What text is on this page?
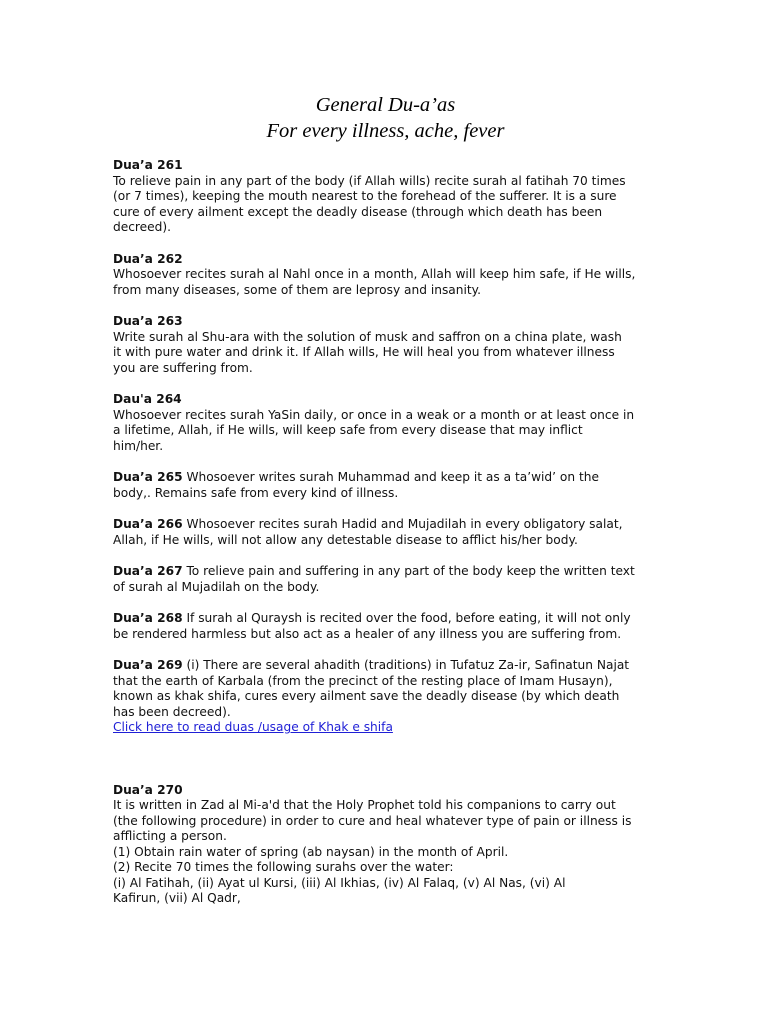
General Du-a’as
For every illness, ache, fever
Dua’a 261
To relieve pain in any part of the body (if Allah wills) recite surah al fatihah 70 times
(or 7 times), keeping the mouth nearest to the forehead of the sufferer. It is a sure
cure of every ailment except the deadly disease (through which death has been
decreed).
Dua’a 262
Whosoever recites surah al Nahl once in a month, Allah will keep him safe, if He wills,
from many diseases, some of them are leprosy and insanity.
Dua’a 263
Write surah al Shu-ara with the solution of musk and saffron on a china plate, wash
it with pure water and drink it. If Allah wills, He will heal you from whatever illness
you are suffering from.
Dau'a 264
Whosoever recites surah YaSin daily, or once in a weak or a month or at least once in
a lifetime, Allah, if He wills, will keep safe from every disease that may inflict
him/her.
Dua’a 265 Whosoever writes surah Muhammad and keep it as a ta’wid’ on the
body,. Remains safe from every kind of illness.
Dua’a 266 Whosoever recites surah Hadid and Mujadilah in every obligatory salat,
Allah, if He wills, will not allow any detestable disease to afflict his/her body.
Dua’a 267 To relieve pain and suffering in any part of the body keep the written text
of surah al Mujadilah on the body.
Dua’a 268 If surah al Quraysh is recited over the food, before eating, it will not only
be rendered harmless but also act as a healer of any illness you are suffering from.
Dua’a 269 (i) There are several ahadith (traditions) in Tufatuz Za-ir, Safinatun Najat
that the earth of Karbala (from the precinct of the resting place of Imam Husayn),
known as khak shifa, cures every ailment save the deadly disease (by which death
has been decreed).
Click here to read duas /usage of Khak e shifa
Dua’a 270
It is written in Zad al Mi-a'd that the Holy Prophet told his companions to carry out
(the following procedure) in order to cure and heal whatever type of pain or illness is
afflicting a person.
(1) Obtain rain water of spring (ab naysan) in the month of April.
(2) Recite 70 times the following surahs over the water:
(i) Al Fatihah, (ii) Ayat ul Kursi, (iii) Al Ikhias, (iv) Al Falaq, (v) Al Nas, (vi) Al
Kafirun, (vii) Al Qadr,
